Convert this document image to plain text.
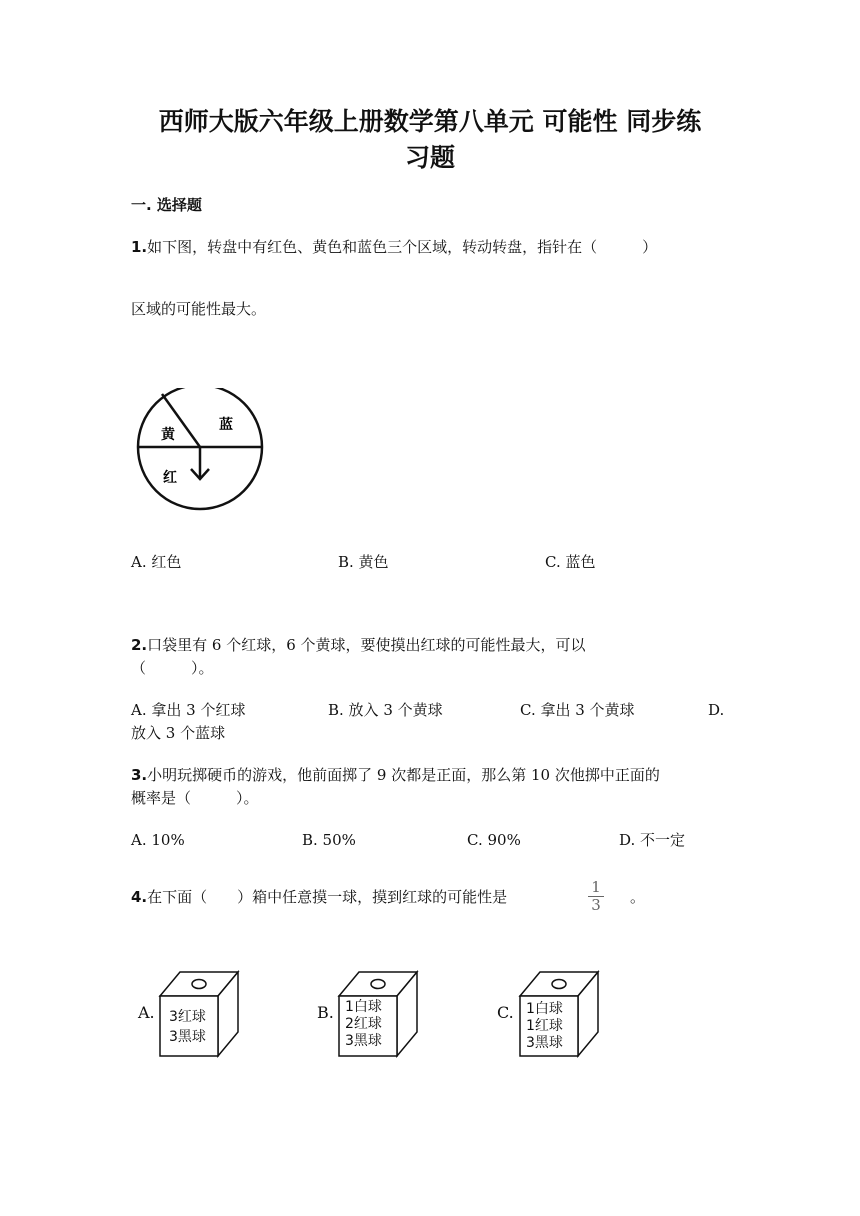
西师大版六年级上册数学第八单元 可能性 同步练
习题
一. 选择题
1.如下图，转盘中有红色、黄色和蓝色三个区域，转动转盘，指针在（　　　）
区域的可能性最大。
黄
蓝
红
A. 红色	B. 黄色	C. 蓝色
2.口袋里有 6 个红球，6 个黄球，要使摸出红球的可能性最大，可以
（　　　）。
A. 拿出 3 个红球	B. 放入 3 个黄球	C. 拿出 3 个黄球	D.
放入 3 个蓝球
3.小明玩掷硬币的游戏，他前面掷了 9 次都是正面，那么第 10 次他掷中正面的
概率是（　　　）。
A. 10%	B. 50%	C. 90%	D. 不一定
4.在下面（　　）箱中任意摸一球，摸到红球的可能性是	$\frac{1}{3}$ 。
A. 3红球
3黑球
B. 1白球
2红球
3黑球
C. 1白球
1红球
3黑球
